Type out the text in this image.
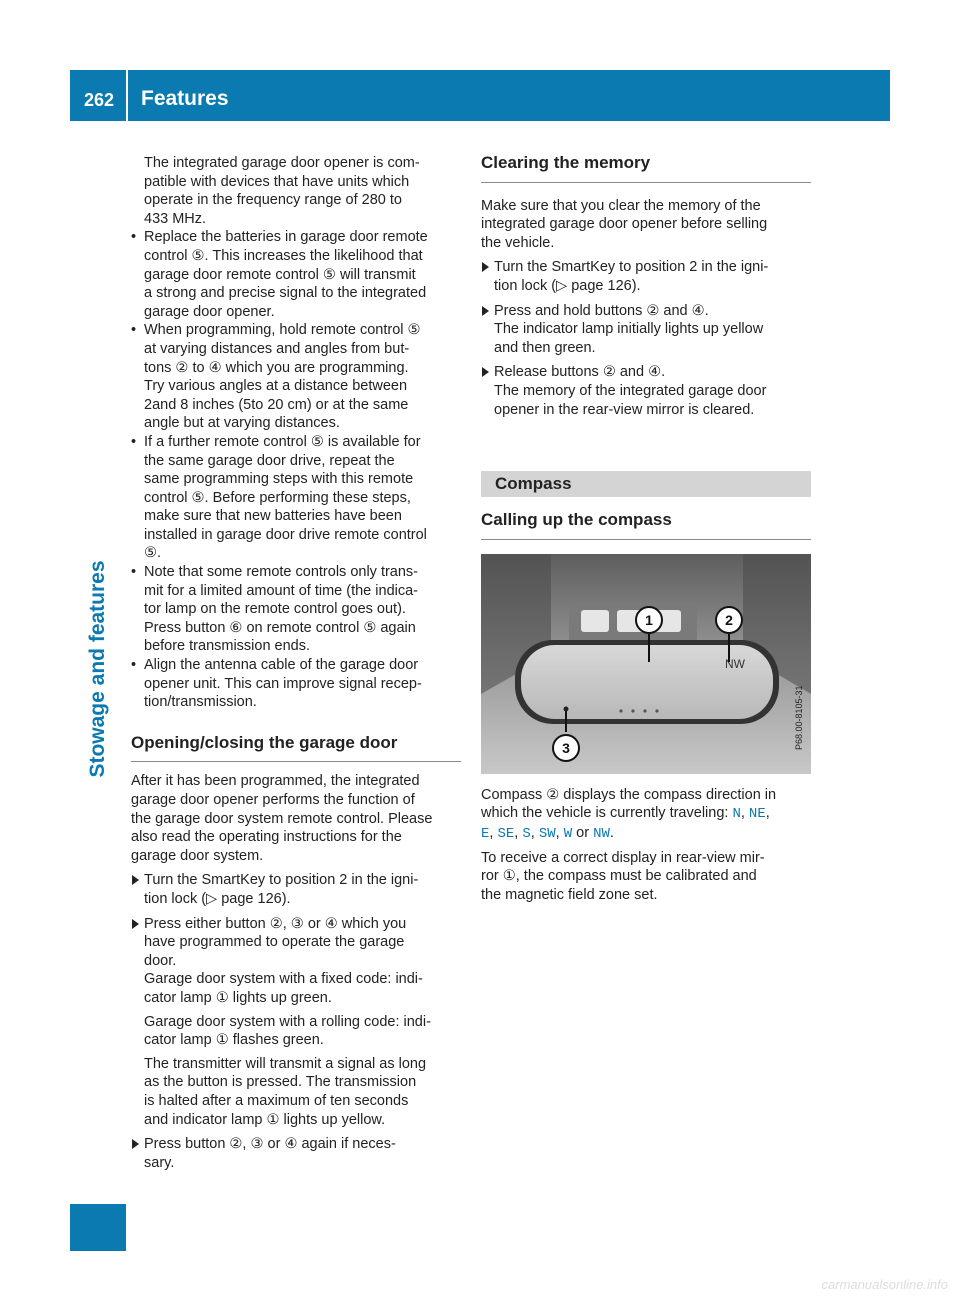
262 Features
Stowage and features

The integrated garage door opener is com-
patible with devices that have units which
operate in the frequency range of 280 to
433 MHz.

• Replace the batteries in garage door remote
control ⑤. This increases the likelihood that
garage door remote control ⑤ will transmit
a strong and precise signal to the integrated
garage door opener.

• When programming, hold remote control ⑤
at varying distances and angles from but-
tons ② to ④ which you are programming.
Try various angles at a distance between
2and 8 inches (5to 20 cm) or at the same
angle but at varying distances.

• If a further remote control ⑤ is available for
the same garage door drive, repeat the
same programming steps with this remote
control ⑤. Before performing these steps,
make sure that new batteries have been
installed in garage door drive remote control
⑤.

• Note that some remote controls only trans-
mit for a limited amount of time (the indica-
tor lamp on the remote control goes out).
Press button ⑥ on remote control ⑤ again
before transmission ends.

• Align the antenna cable of the garage door
opener unit. This can improve signal recep-
tion/transmission.

Opening/closing the garage door

After it has been programmed, the integrated
garage door opener performs the function of
the garage door system remote control. Please
also read the operating instructions for the
garage door system.

Turn the SmartKey to position 2 in the igni-
tion lock (▷ page 126).

Press either button ②, ③ or ④ which you
have programmed to operate the garage
door.

Garage door system with a fixed code: indi-
cator lamp ① lights up green.

Garage door system with a rolling code: indi-
cator lamp ① flashes green.

The transmitter will transmit a signal as long
as the button is pressed. The transmission
is halted after a maximum of ten seconds
and indicator lamp ① lights up yellow.

Press button ②, ③ or ④ again if neces-
sary.

Clearing the memory

Make sure that you clear the memory of the
integrated garage door opener before selling
the vehicle.

Turn the SmartKey to position 2 in the igni-
tion lock (▷ page 126).

Press and hold buttons ② and ④.

The indicator lamp initially lights up yellow
and then green.

Release buttons ② and ④.

The memory of the integrated garage door
opener in the rear-view mirror is cleared.

Compass
Calling up the compass
NW
1	2
3	P68.00-8105-31

Compass ② displays the compass direction in
which the vehicle is currently traveling: N, NE,
E, SE, S, SW, W or NW.

To receive a correct display in rear-view mir-
ror ①, the compass must be calibrated and
the magnetic field zone set.

carmanualsonline.info
